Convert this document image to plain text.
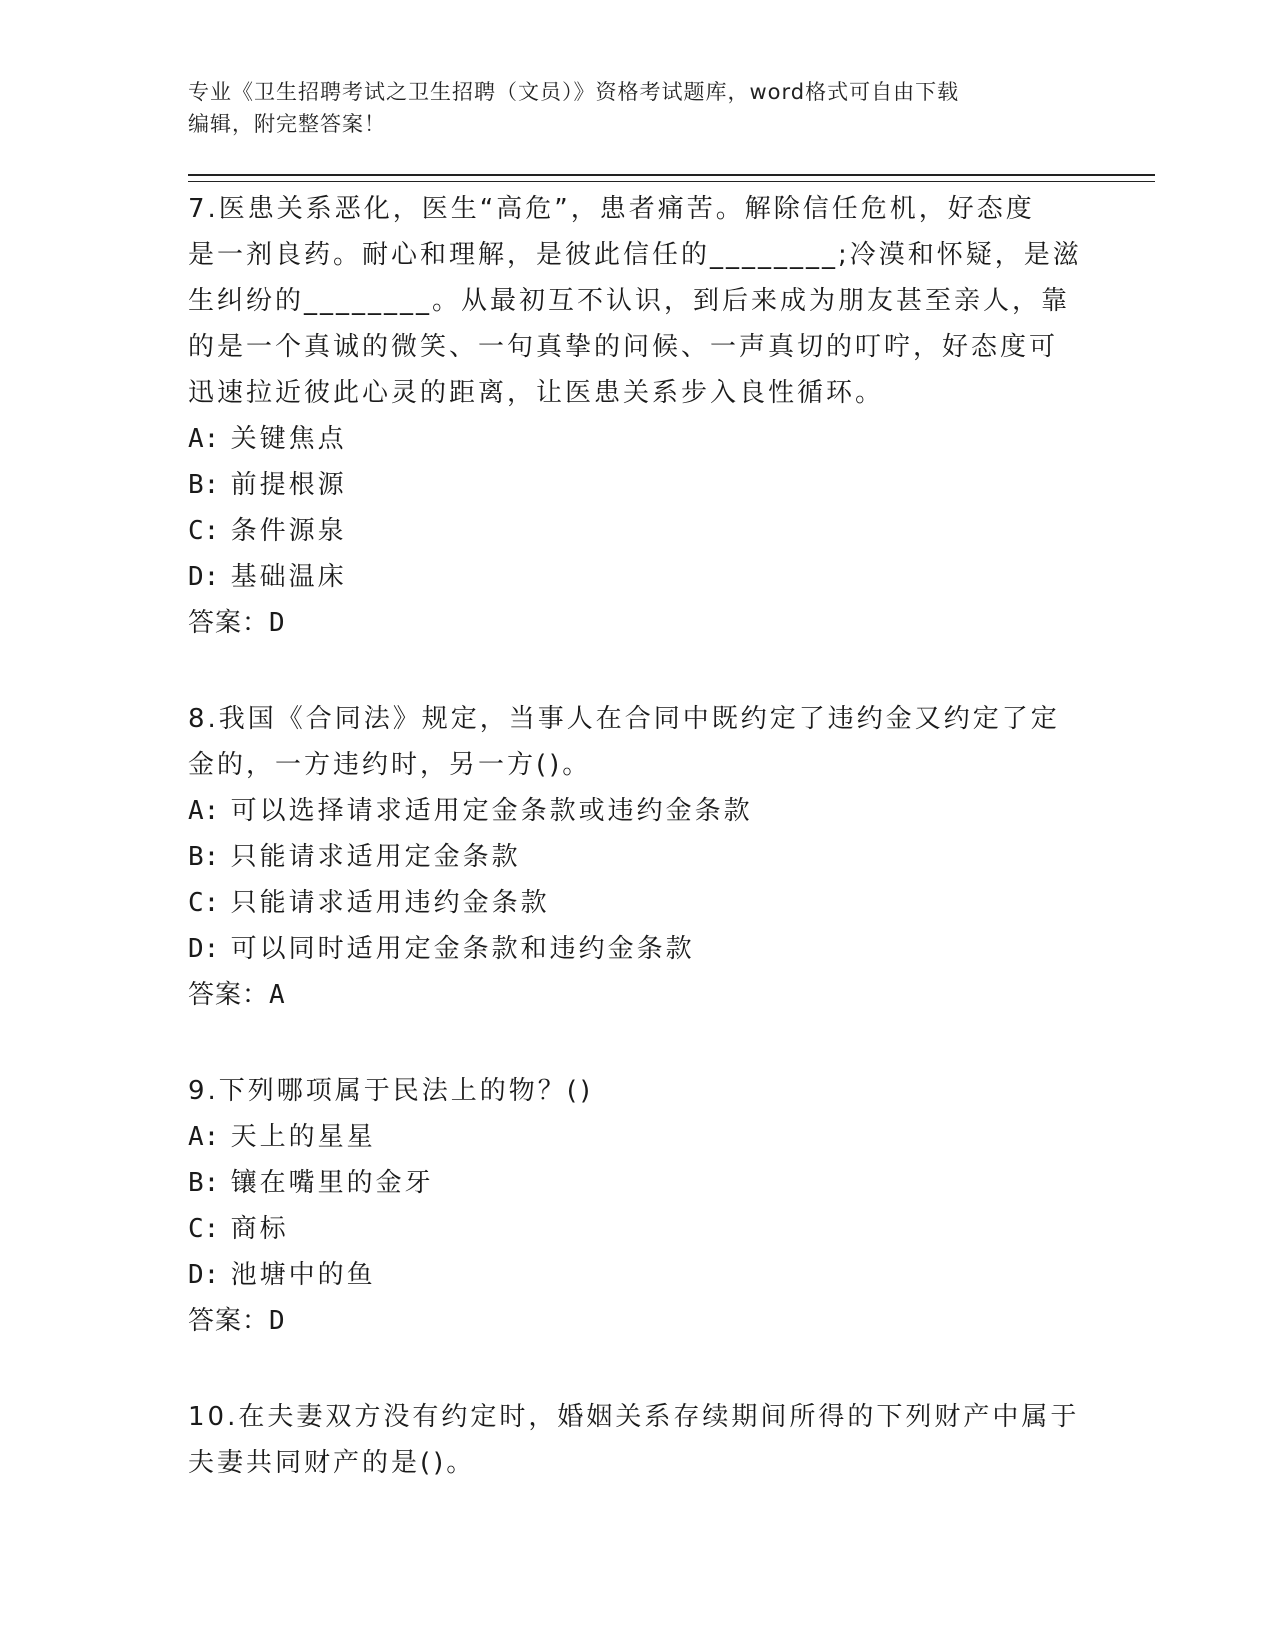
专业《卫生招聘考试之卫生招聘（文员）》资格考试题库，word格式可自由下载
编辑，附完整答案！

7.医患关系恶化，医生“高危”，患者痛苦。解除信任危机，好态度

是一剂良药。耐心和理解，是彼此信任的________;冷漠和怀疑，是滋

生纠纷的________。从最初互不认识，到后来成为朋友甚至亲人，靠

的是一个真诚的微笑、一句真挚的问候、一声真切的叮咛，好态度可

迅速拉近彼此心灵的距离，让医患关系步入良性循环。

A: 关键焦点

B: 前提根源

C: 条件源泉

D: 基础温床

答案：D

8.我国《合同法》规定，当事人在合同中既约定了违约金又约定了定

金的，一方违约时，另一方()。

A: 可以选择请求适用定金条款或违约金条款

B: 只能请求适用定金条款

C: 只能请求适用违约金条款

D: 可以同时适用定金条款和违约金条款

答案：A

9.下列哪项属于民法上的物？()

A: 天上的星星

B: 镶在嘴里的金牙

C: 商标

D: 池塘中的鱼

答案：D

10.在夫妻双方没有约定时，婚姻关系存续期间所得的下列财产中属于

夫妻共同财产的是()。
